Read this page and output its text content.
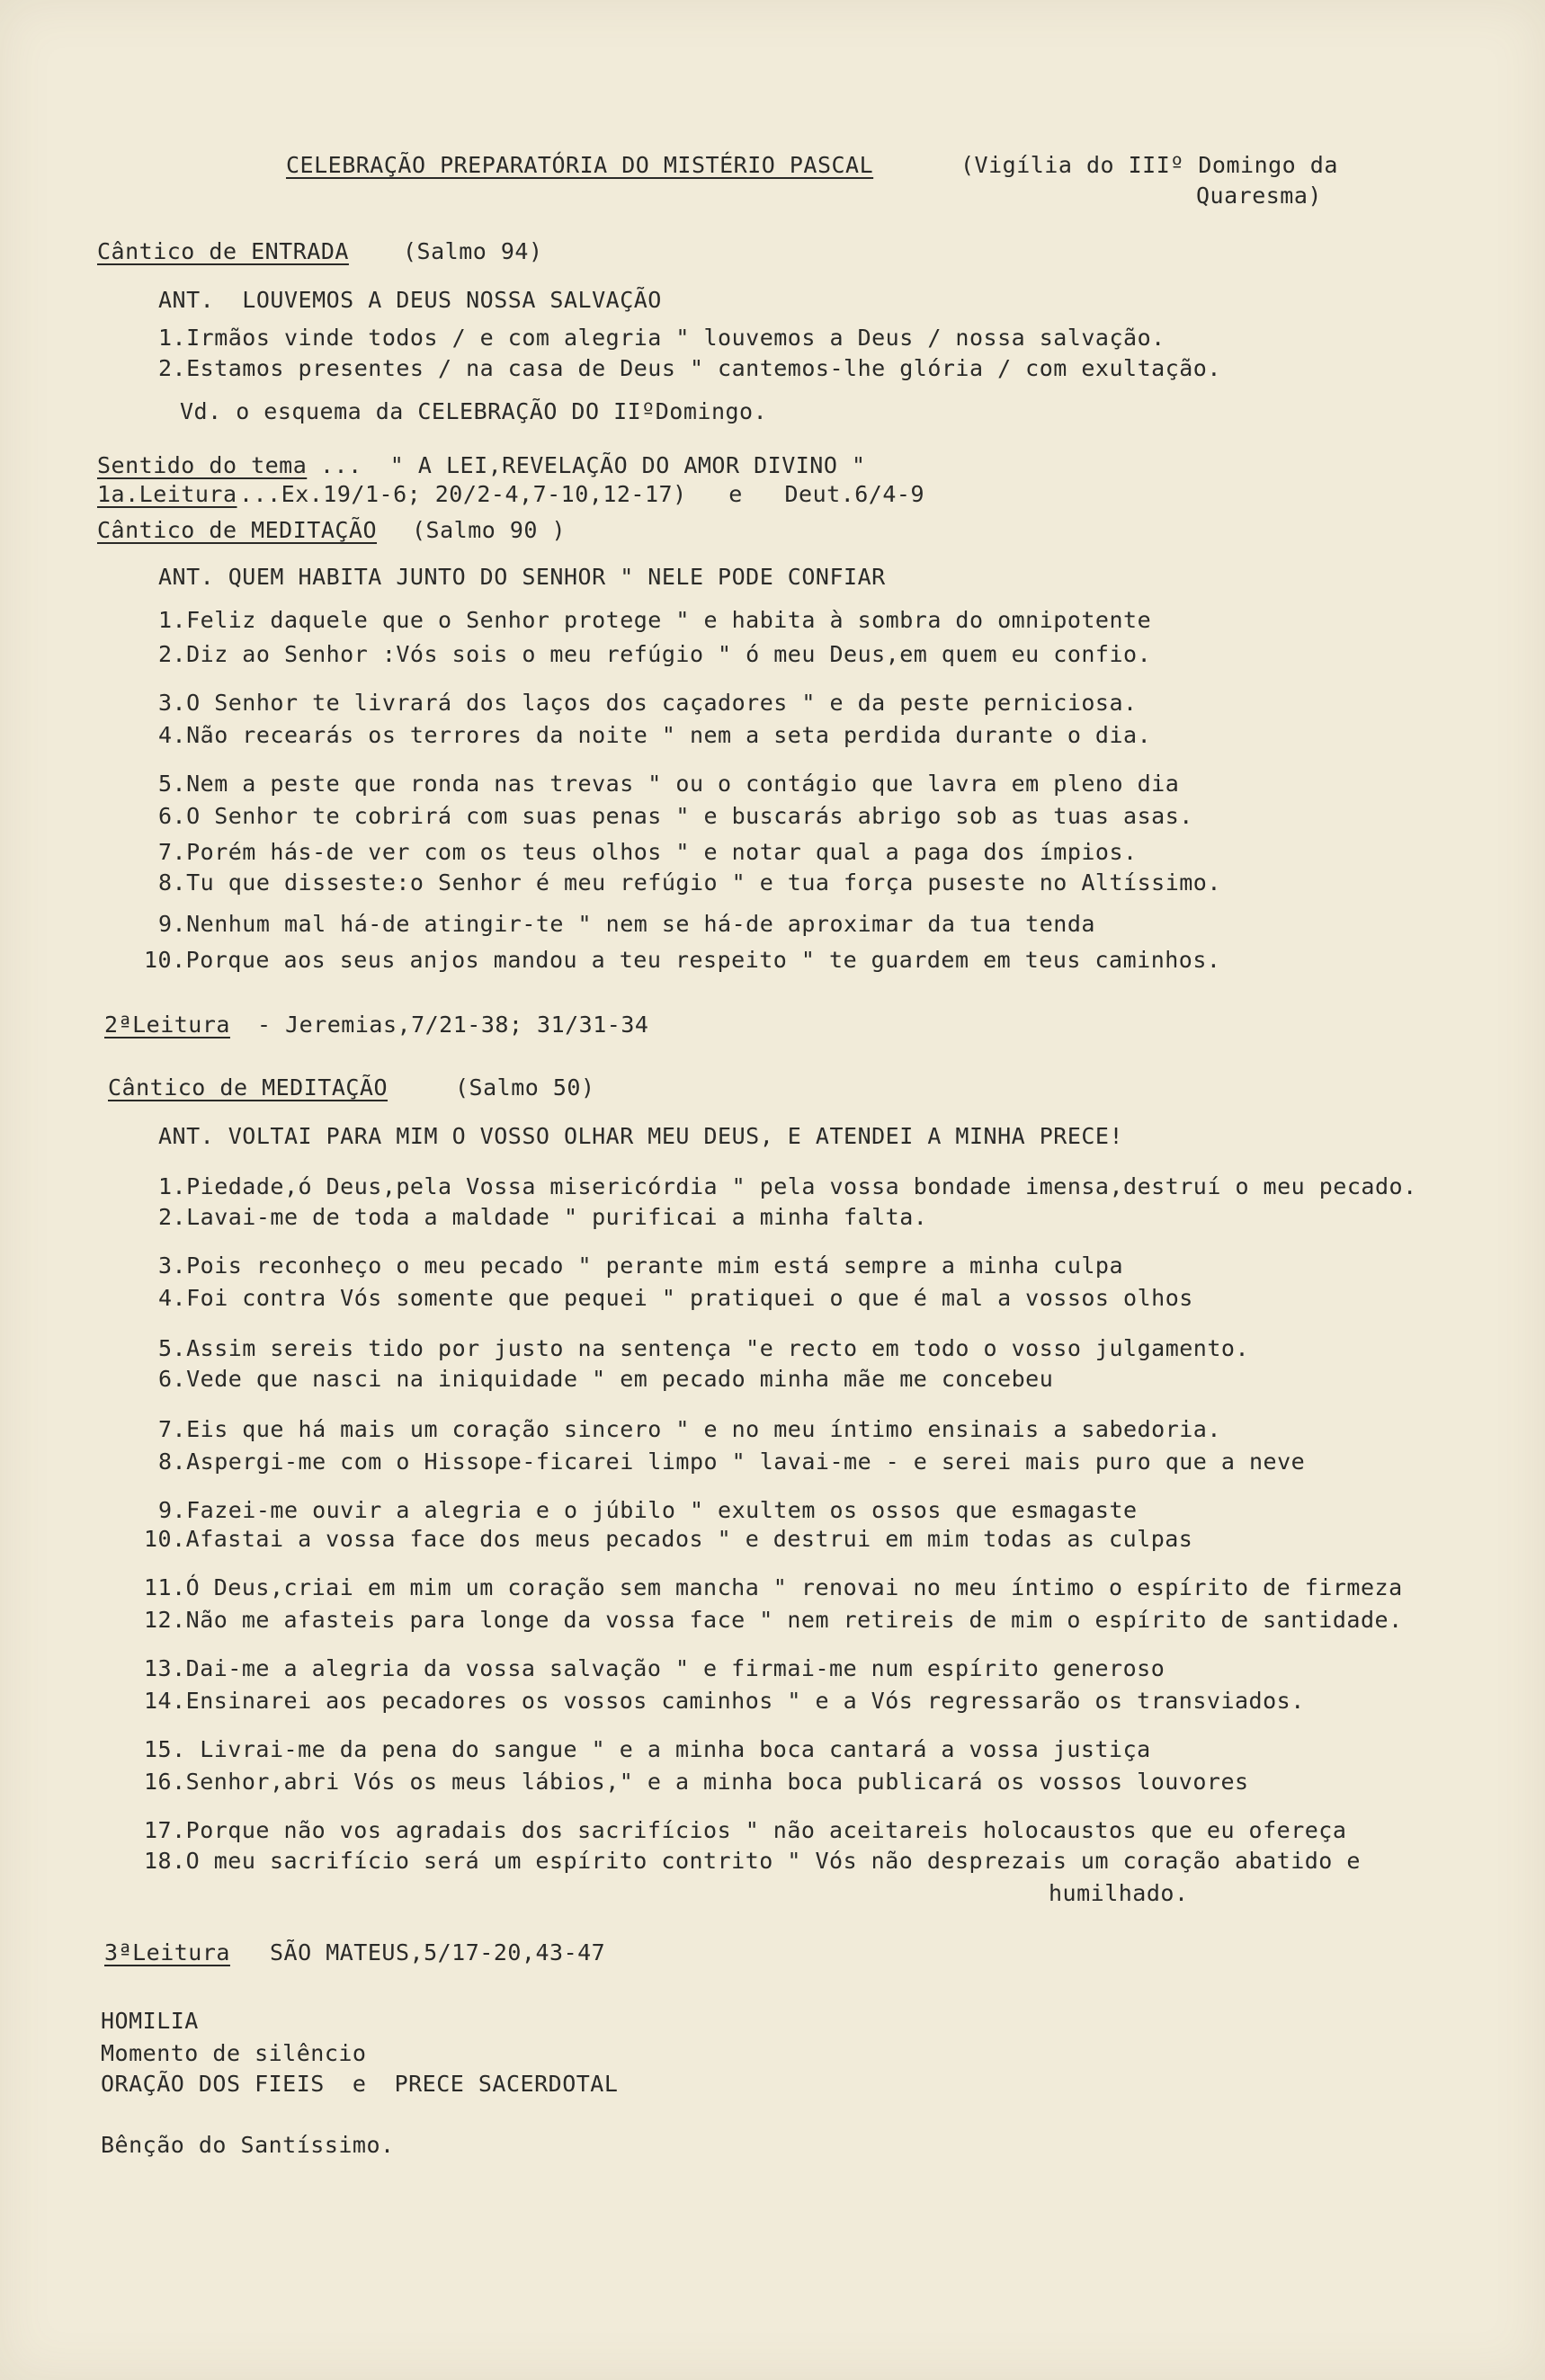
CELEBRAÇÃO PREPARATÓRIA DO MISTÉRIO PASCAL	(Vigília do IIIº Domingo da
Quaresma)
Cântico de ENTRADA (Salmo 94)
ANT.  LOUVEMOS A DEUS NOSSA SALVAÇÃO
1.Irmãos vinde todos / e com alegria " louvemos a Deus / nossa salvação.
2.Estamos presentes / na casa de Deus " cantemos-lhe glória / com exultação.
Vd. o esquema da CELEBRAÇÃO DO IIºDomingo.
Sentido do tema ...  " A LEI,REVELAÇÃO DO AMOR DIVINO "
1a.Leitura ...Ex.19/1-6; 20/2-4,7-10,12-17)   e   Deut.6/4-9
Cântico de MEDITAÇÃO (Salmo 90 )
ANT. QUEM HABITA JUNTO DO SENHOR " NELE PODE CONFIAR
1.Feliz daquele que o Senhor protege " e habita à sombra do omnipotente
2.Diz ao Senhor :Vós sois o meu refúgio " ó meu Deus,em quem eu confio.
3.O Senhor te livrará dos laços dos caçadores " e da peste perniciosa.
4.Não recearás os terrores da noite " nem a seta perdida durante o dia.
5.Nem a peste que ronda nas trevas " ou o contágio que lavra em pleno dia
6.O Senhor te cobrirá com suas penas " e buscarás abrigo sob as tuas asas.
7.Porém hás-de ver com os teus olhos " e notar qual a paga dos ímpios.
8.Tu que disseste:o Senhor é meu refúgio " e tua força puseste no Altíssimo.
9.Nenhum mal há-de atingir-te " nem se há-de aproximar da tua tenda
10.Porque aos seus anjos mandou a teu respeito " te guardem em teus caminhos.
2ªLeitura - Jeremias,7/21-38; 31/31-34
Cântico de MEDITAÇÃO	(Salmo 50)
ANT. VOLTAI PARA MIM O VOSSO OLHAR MEU DEUS, E ATENDEI A MINHA PRECE!
1.Piedade,ó Deus,pela Vossa misericórdia " pela vossa bondade imensa,destruí o meu pecado.
2.Lavai-me de toda a maldade " purificai a minha falta.
3.Pois reconheço o meu pecado " perante mim está sempre a minha culpa
4.Foi contra Vós somente que pequei " pratiquei o que é mal a vossos olhos
5.Assim sereis tido por justo na sentença "e recto em todo o vosso julgamento.
6.Vede que nasci na iniquidade " em pecado minha mãe me concebeu
7.Eis que há mais um coração sincero " e no meu íntimo ensinais a sabedoria.
8.Aspergi-me com o Hissope-ficarei limpo " lavai-me - e serei mais puro que a neve
9.Fazei-me ouvir a alegria e o júbilo " exultem os ossos que esmagaste
10.Afastai a vossa face dos meus pecados " e destrui em mim todas as culpas
11.Ó Deus,criai em mim um coração sem mancha " renovai no meu íntimo o espírito de firmeza
12.Não me afasteis para longe da vossa face " nem retireis de mim o espírito de santidade.
13.Dai-me a alegria da vossa salvação " e firmai-me num espírito generoso
14.Ensinarei aos pecadores os vossos caminhos " e a Vós regressarão os transviados.
15. Livrai-me da pena do sangue " e a minha boca cantará a vossa justiça
16.Senhor,abri Vós os meus lábios," e a minha boca publicará os vossos louvores
17.Porque não vos agradais dos sacrifícios " não aceitareis holocaustos que eu ofereça
18.O meu sacrifício será um espírito contrito " Vós não desprezais um coração abatido e
humilhado.
3ªLeitura SÃO MATEUS,5/17-20,43-47
HOMILIA
Momento de silêncio
ORAÇÃO DOS FIEIS  e  PRECE SACERDOTAL
Bênção do Santíssimo.
